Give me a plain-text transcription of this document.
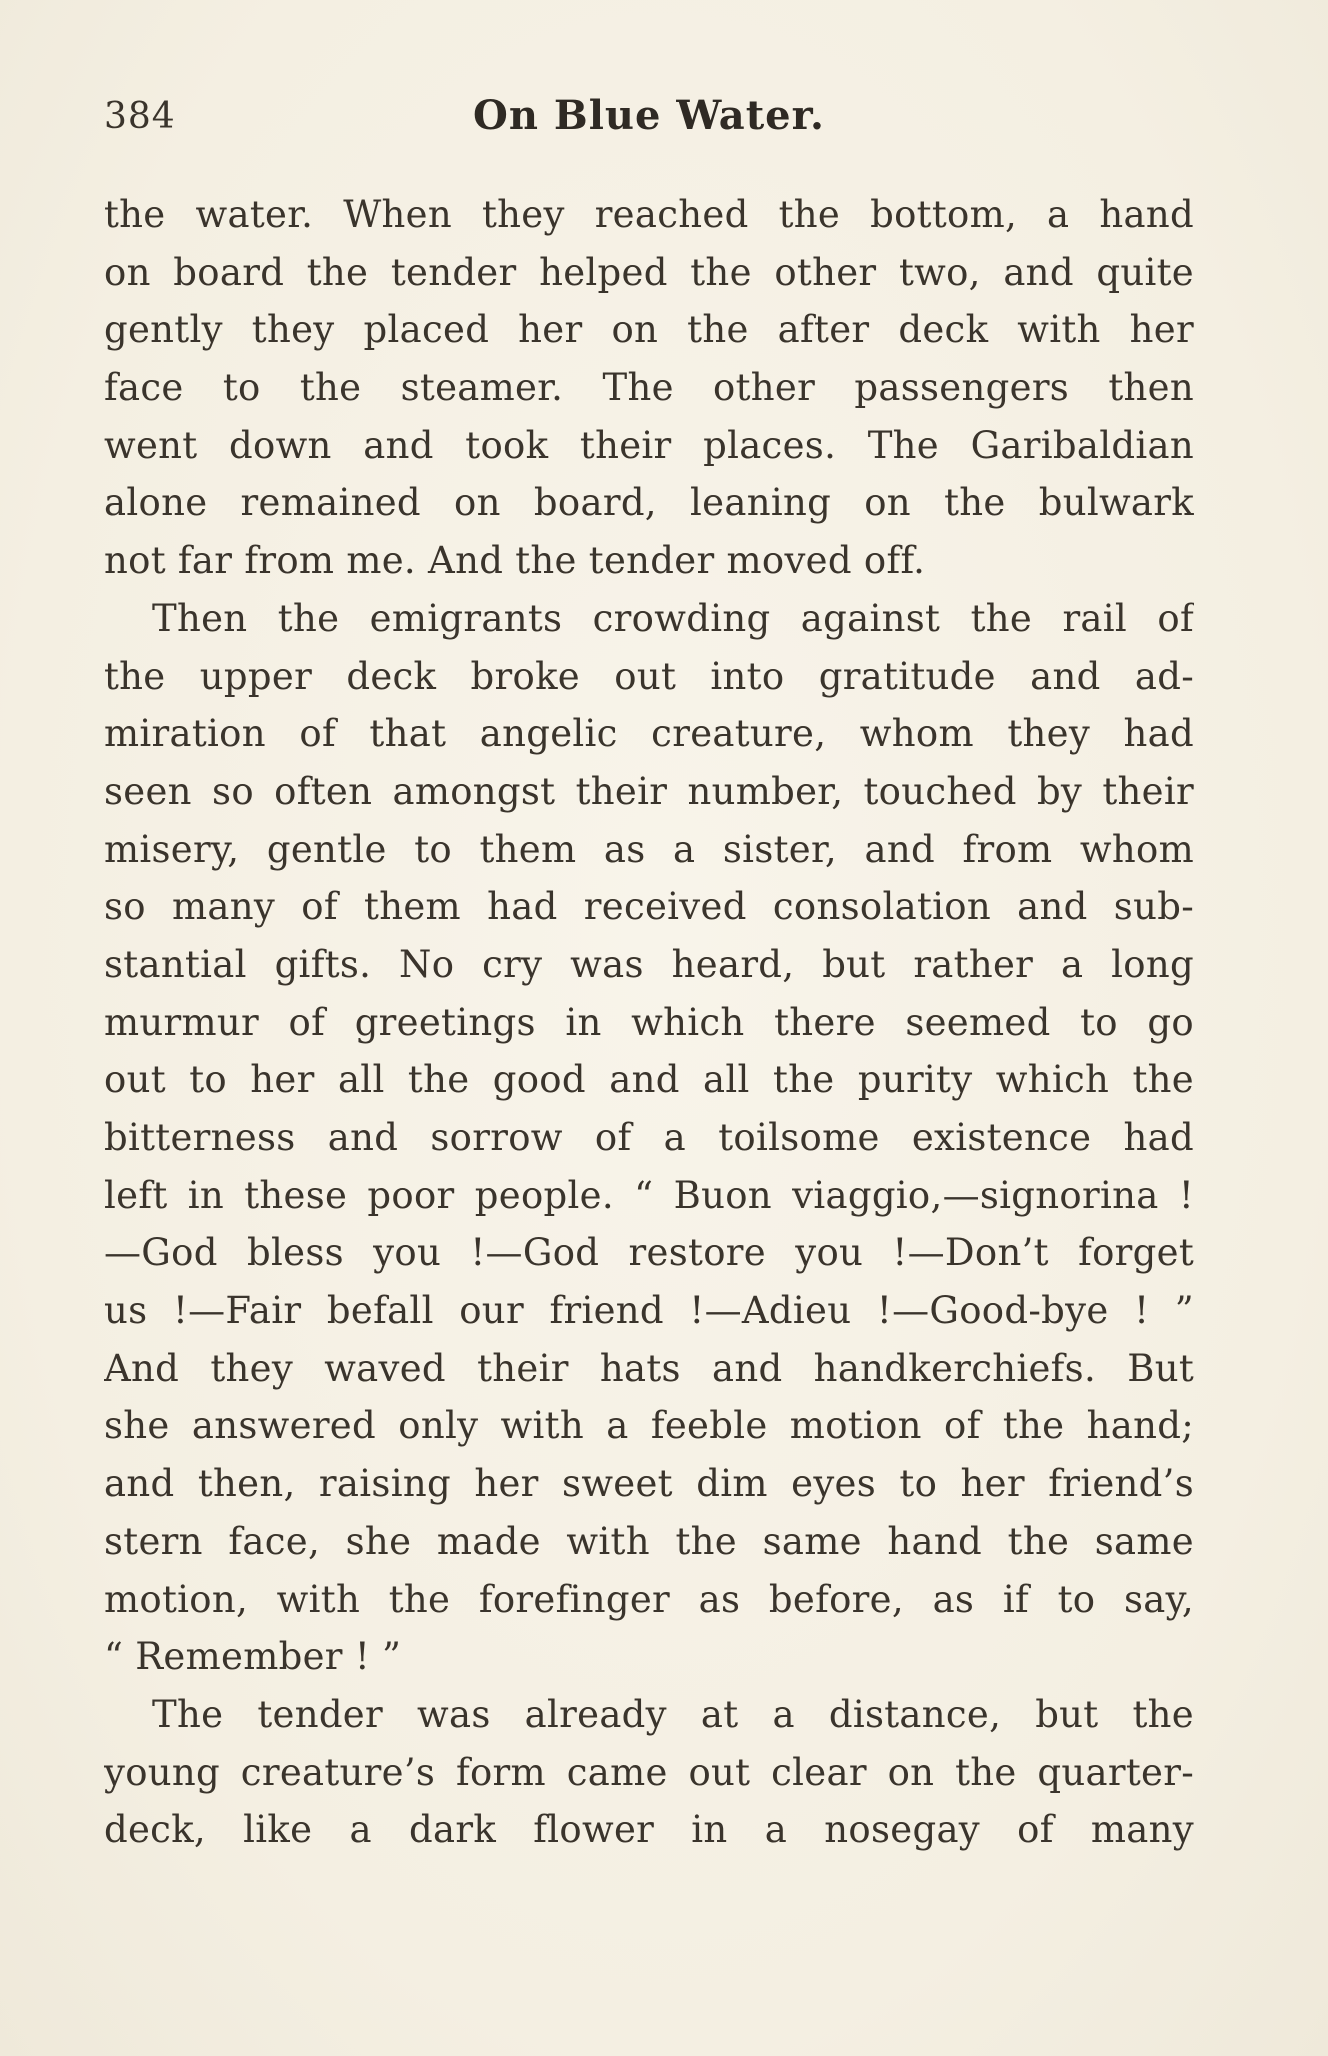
384	On Blue Water.
the water. When they reached the bottom, a hand
on board the tender helped the other two, and quite
gently they placed her on the after deck with her
face to the steamer. The other passengers then
went down and took their places. The Garibaldian
alone remained on board, leaning on the bulwark
not far from me. And the tender moved off.
Then the emigrants crowding against the rail of
the upper deck broke out into gratitude and ad-
miration of that angelic creature, whom they had
seen so often amongst their number, touched by their
misery, gentle to them as a sister, and from whom
so many of them had received consolation and sub-
stantial gifts. No cry was heard, but rather a long
murmur of greetings in which there seemed to go
out to her all the good and all the purity which the
bitterness and sorrow of a toilsome existence had
left in these poor people. “ Buon viaggio,—signorina !
—God bless you !—God restore you !—Don’t forget
us !—Fair befall our friend !—Adieu !—Good-bye ! ”
And they waved their hats and handkerchiefs. But
she answered only with a feeble motion of the hand;
and then, raising her sweet dim eyes to her friend’s
stern face, she made with the same hand the same
motion, with the forefinger as before, as if to say,
“ Remember ! ”
The tender was already at a distance, but the
young creature’s form came out clear on the quarter-
deck, like a dark flower in a nosegay of many
